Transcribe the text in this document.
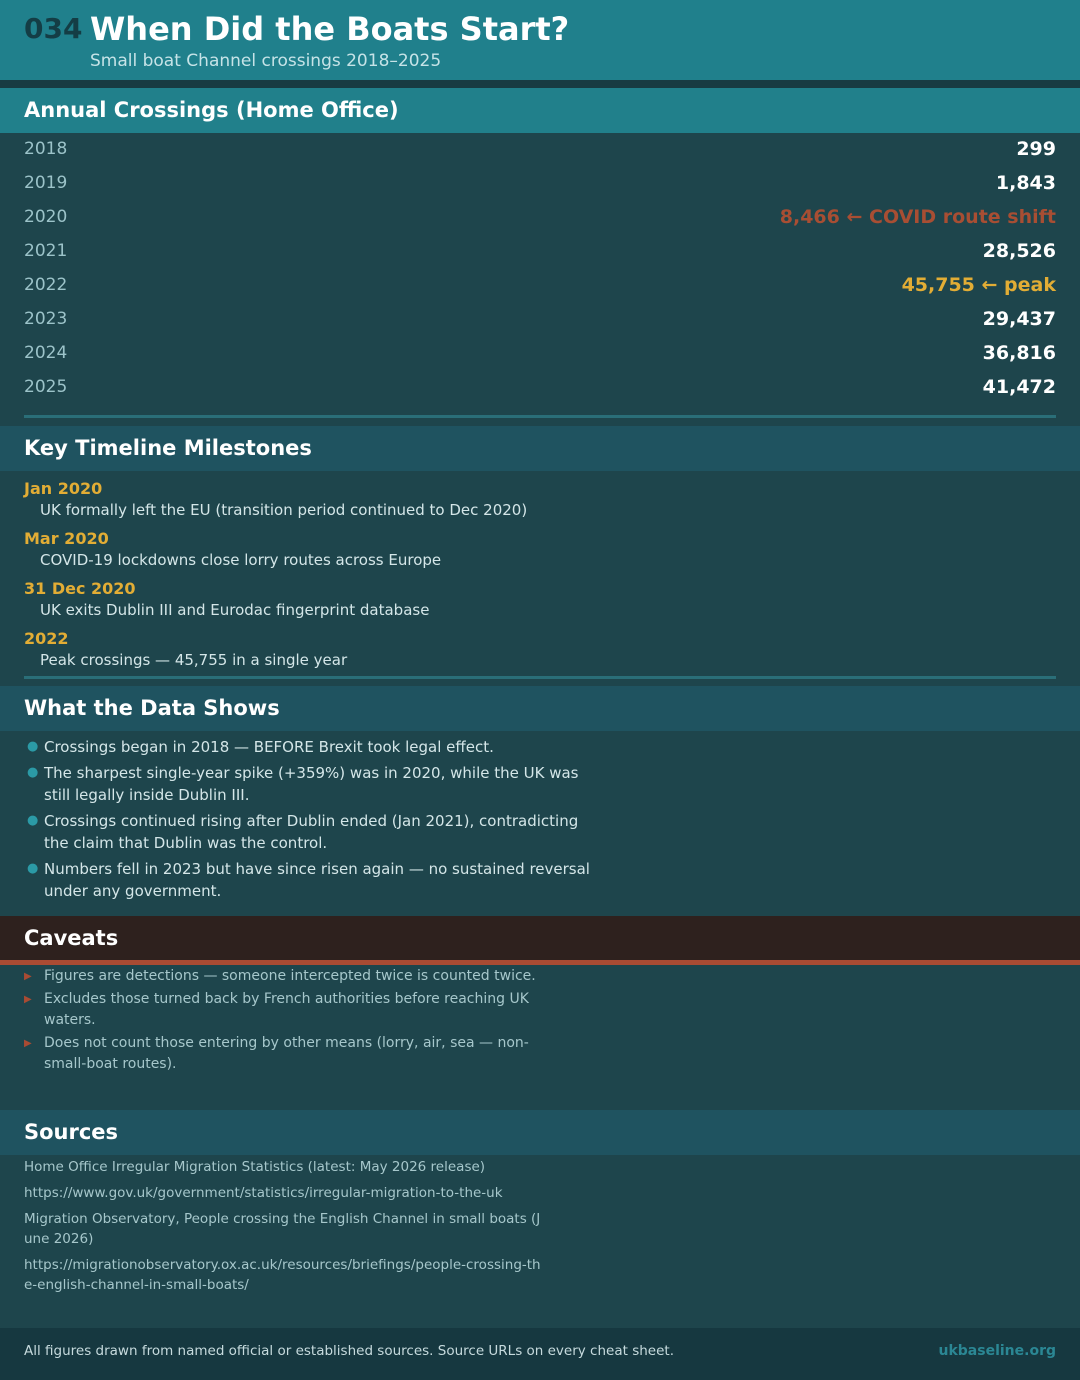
034 When Did the Boats Start?
Small boat Channel crossings 2018–2025
Annual Crossings (Home Office)
2018	299
2019	1,843
2020	8,466 ← COVID route shift
2021	28,526
2022	45,755 ← peak
2023	29,437
2024	36,816
2025	41,472
Key Timeline Milestones
Jan 2020
UK formally left the EU (transition period continued to Dec 2020)
Mar 2020
COVID-19 lockdowns close lorry routes across Europe
31 Dec 2020
UK exits Dublin III and Eurodac fingerprint database
2022
Peak crossings — 45,755 in a single year
What the Data Shows
● Crossings began in 2018 — BEFORE Brexit took legal effect.
● The sharpest single-year spike (+359%) was in 2020, while the UK was still legally inside Dublin III.
● Crossings continued rising after Dublin ended (Jan 2021), contradicting the claim that Dublin was the control.
● Numbers fell in 2023 but have since risen again — no sustained reversal under any government.
Caveats
▶ Figures are detections — someone intercepted twice is counted twice.
▶ Excludes those turned back by French authorities before reaching UK waters.
▶ Does not count those entering by other means (lorry, air, sea — non-small-boat routes).
Sources

Home Office Irregular Migration Statistics (latest: May 2026 release)

https://www.gov.uk/government/statistics/irregular-migration-to-the-uk

Migration Observatory, People crossing the English Channel in small boats (June 2026)

https://migrationobservatory.ox.ac.uk/resources/briefings/people-crossing-the-english-channel-in-small-boats/

All figures drawn from named official or established sources. Source URLs on every cheat sheet.	ukbaseline.org
